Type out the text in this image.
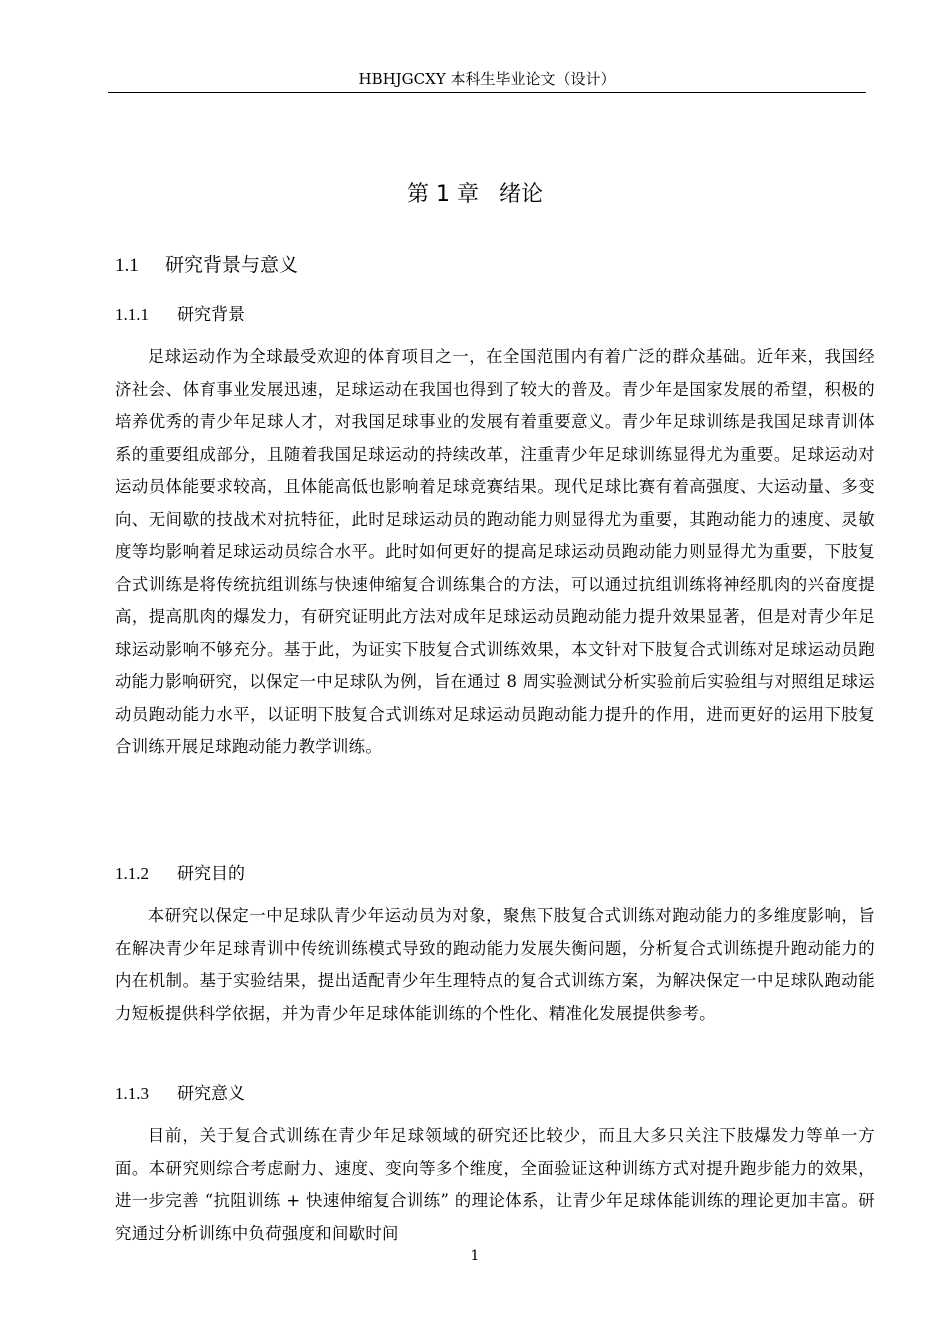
HBHJGCXY 本科生毕业论文（设计）
第 1 章 绪论
1.1 研究背景与意义
1.1.1 研究背景

足球运动作为全球最受欢迎的体育项目之一，在全国范围内有着广泛的群众基础。近年来，我国经济社会、体育事业发展迅速，足球运动在我国也得到了较大的普及。青少年是国家发展的希望，积极的培养优秀的青少年足球人才，对我国足球事业的发展有着重要意义。青少年足球训练是我国足球青训体系的重要组成部分，且随着我国足球运动的持续改革，注重青少年足球训练显得尤为重要。足球运动对运动员体能要求较高，且体能高低也影响着足球竞赛结果。现代足球比赛有着高强度、大运动量、多变向、无间歇的技战术对抗特征，此时足球运动员的跑动能力则显得尤为重要，其跑动能力的速度、灵敏度等均影响着足球运动员综合水平。此时如何更好的提高足球运动员跑动能力则显得尤为重要，下肢复合式训练是将传统抗组训练与快速伸缩复合训练集合的方法，可以通过抗组训练将神经肌肉的兴奋度提高，提高肌肉的爆发力，有研究证明此方法对成年足球运动员跑动能力提升效果显著，但是对青少年足球运动影响不够充分。基于此，为证实下肢复合式训练效果，本文针对下肢复合式训练对足球运动员跑动能力影响研究，以保定一中足球队为例，旨在通过 8 周实验测试分析实验前后实验组与对照组足球运动员跑动能力水平，以证明下肢复合式训练对足球运动员跑动能力提升的作用，进而更好的运用下肢复合训练开展足球跑动能力教学训练。

1.1.2 研究目的

本研究以保定一中足球队青少年运动员为对象，聚焦下肢复合式训练对跑动能力的多维度影响，旨在解决青少年足球青训中传统训练模式导致的跑动能力发展失衡问题，分析复合式训练提升跑动能力的内在机制。基于实验结果，提出适配青少年生理特点的复合式训练方案，为解决保定一中足球队跑动能力短板提供科学依据，并为青少年足球体能训练的个性化、精准化发展提供参考。

1.1.3 研究意义

目前，关于复合式训练在青少年足球领域的研究还比较少，而且大多只关注下肢爆发力等单一方面。本研究则综合考虑耐力、速度、变向等多个维度，全面验证这种训练方式对提升跑步能力的效果，进一步完善 “抗阻训练 + 快速伸缩复合训练” 的理论体系，让青少年足球体能训练的理论更加丰富。研究通过分析训练中负荷强度和间歇时间

1
